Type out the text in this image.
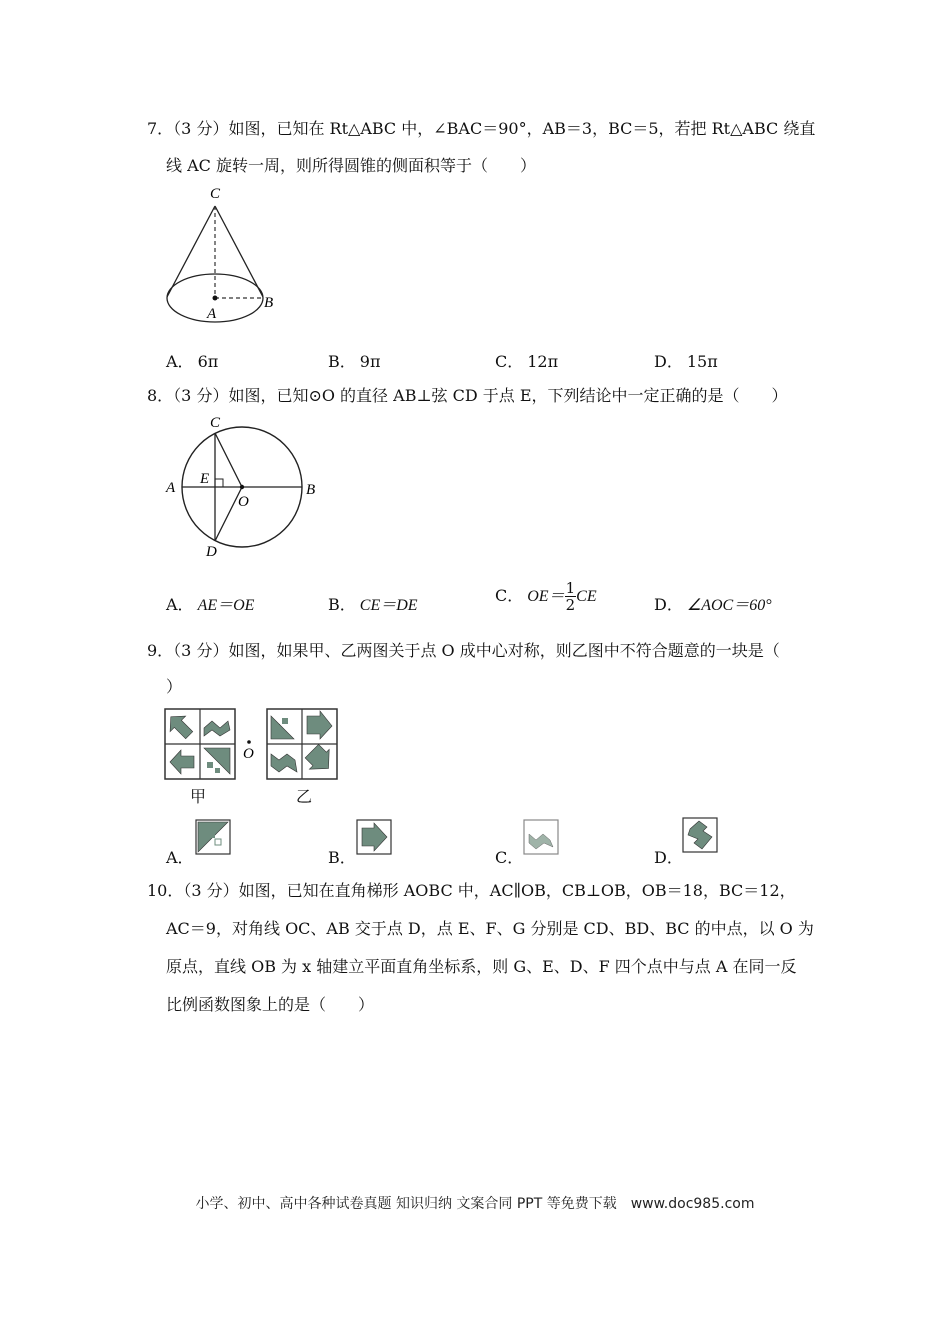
7．（3 分）如图，已知在 Rt△ABC 中，∠BAC＝90°，AB＝3，BC＝5，若把 Rt△ABC 绕直
线 AC 旋转一周，则所得圆锥的侧面积等于（　　）
C
A
B
A． 6π	B． 9π	C． 12π	D． 15π
8．（3 分）如图，已知⊙O 的直径 AB⊥弦 CD 于点 E，下列结论中一定正确的是（　　）
C
A
E
O
B
D
A． AE＝OE	B． CE＝DE
C． $OE= \frac{1}{2}$ CE	D． ∠AOC＝60°
9．（3 分）如图，如果甲、乙两图关于点 O 成中心对称，则乙图中不符合题意的一块是（
）
O
甲	乙
A．	B．	C．	D．
10．（3 分）如图，已知在直角梯形 AOBC 中，AC∥OB，CB⊥OB，OB＝18，BC＝12，
AC＝9，对角线 OC、AB 交于点 D，点 E、F、G 分别是 CD、BD、BC 的中点，以 O 为
原点，直线 OB 为 x 轴建立平面直角坐标系，则 G、E、D、F 四个点中与点 A 在同一反
比例函数图象上的是（　　）
小学、初中、高中各种试卷真题 知识归纳 文案合同 PPT 等免费下载　www.doc985.com
